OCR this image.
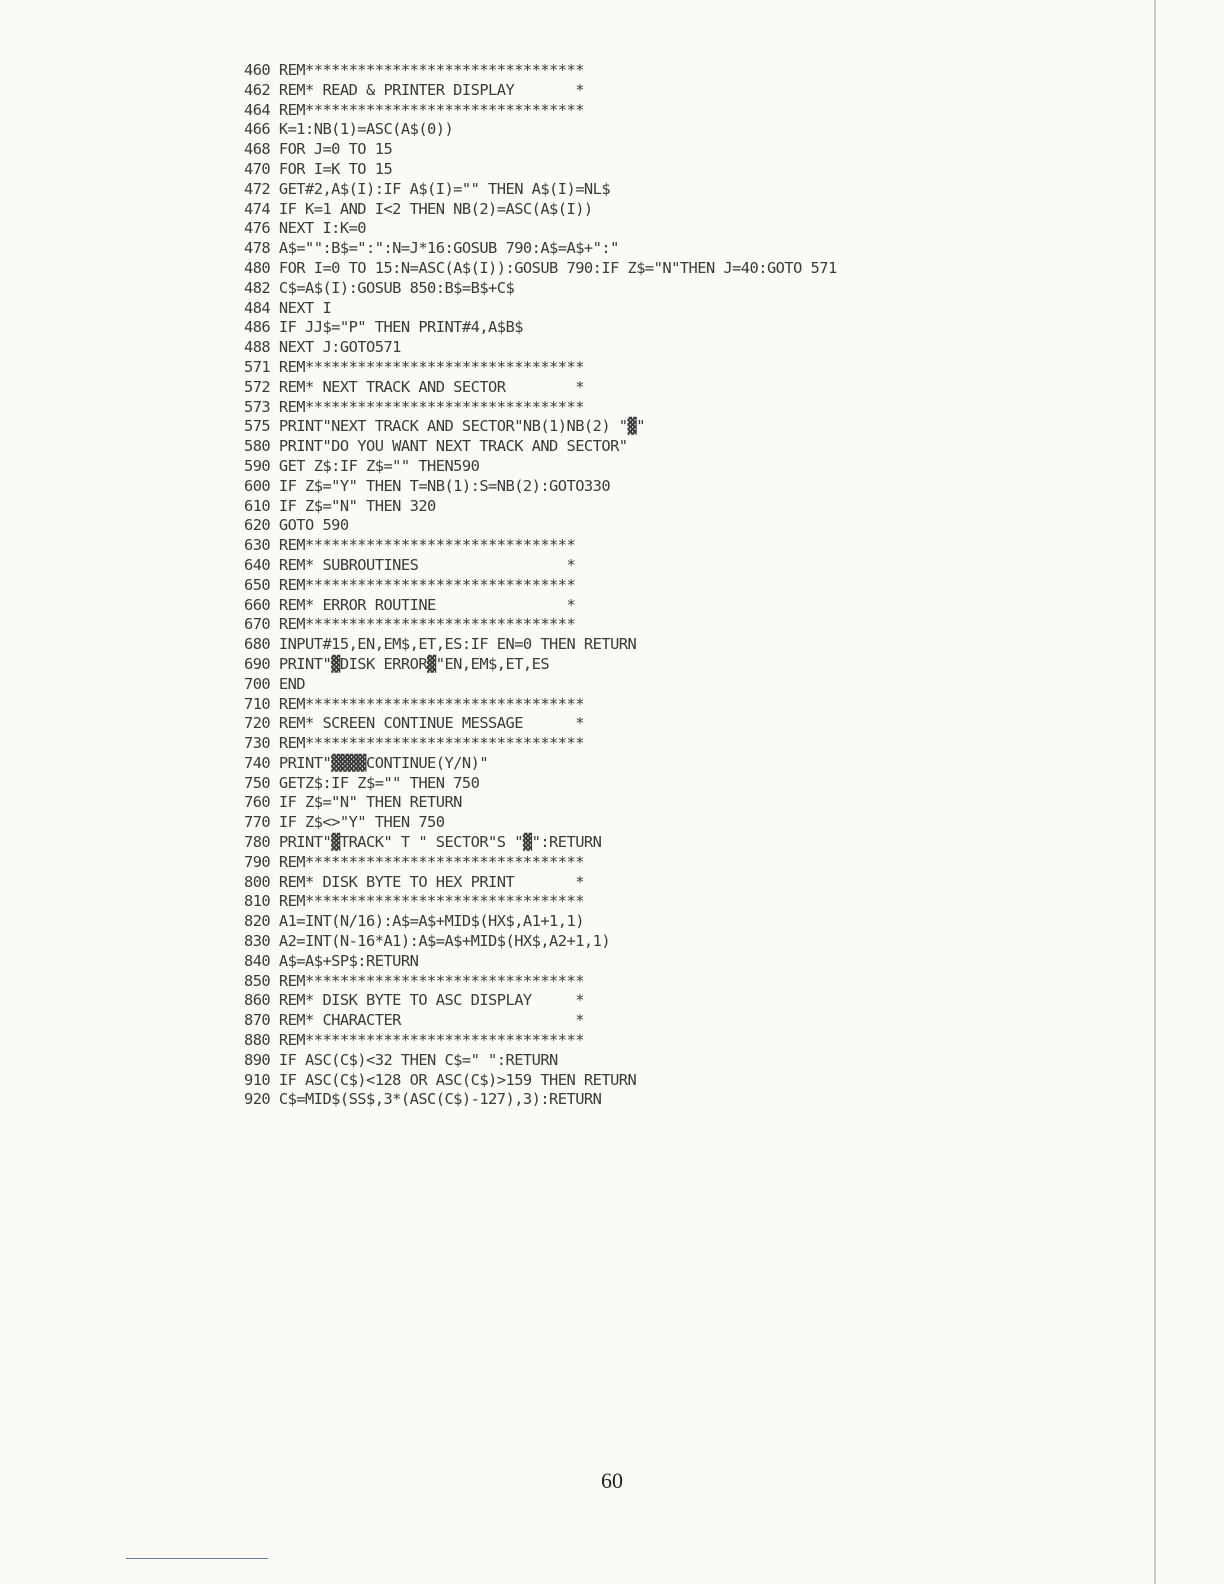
460 REM********************************
462 REM* READ & PRINTER DISPLAY       *
464 REM********************************
466 K=1:NB(1)=ASC(A$(0))
468 FOR J=0 TO 15
470 FOR I=K TO 15
472 GET#2,A$(I):IF A$(I)="" THEN A$(I)=NL$
474 IF K=1 AND I<2 THEN NB(2)=ASC(A$(I))
476 NEXT I:K=0
478 A$="":B$=":":N=J*16:GOSUB 790:A$=A$+":"
480 FOR I=0 TO 15:N=ASC(A$(I)):GOSUB 790:IF Z$="N"THEN J=40:GOTO 571
482 C$=A$(I):GOSUB 850:B$=B$+C$
484 NEXT I
486 IF JJ$="P" THEN PRINT#4,A$B$
488 NEXT J:GOTO571
571 REM********************************
572 REM* NEXT TRACK AND SECTOR        *
573 REM********************************
575 PRINT"NEXT TRACK AND SECTOR"NB(1)NB(2) "▓"
580 PRINT"DO YOU WANT NEXT TRACK AND SECTOR"
590 GET Z$:IF Z$="" THEN590
600 IF Z$="Y" THEN T=NB(1):S=NB(2):GOTO330
610 IF Z$="N" THEN 320
620 GOTO 590
630 REM*******************************
640 REM* SUBROUTINES                 *
650 REM*******************************
660 REM* ERROR ROUTINE               *
670 REM*******************************
680 INPUT#15,EN,EM$,ET,ES:IF EN=0 THEN RETURN
690 PRINT"▓DISK ERROR▓"EN,EM$,ET,ES
700 END
710 REM********************************
720 REM* SCREEN CONTINUE MESSAGE      *
730 REM********************************
740 PRINT"▓▓▓▓CONTINUE(Y/N)"
750 GETZ$:IF Z$="" THEN 750
760 IF Z$="N" THEN RETURN
770 IF Z$<>"Y" THEN 750
780 PRINT"▓TRACK" T " SECTOR"S "▓":RETURN
790 REM********************************
800 REM* DISK BYTE TO HEX PRINT       *
810 REM********************************
820 A1=INT(N/16):A$=A$+MID$(HX$,A1+1,1)
830 A2=INT(N-16*A1):A$=A$+MID$(HX$,A2+1,1)
840 A$=A$+SP$:RETURN
850 REM********************************
860 REM* DISK BYTE TO ASC DISPLAY     *
870 REM* CHARACTER                    *
880 REM********************************
890 IF ASC(C$)<32 THEN C$=" ":RETURN
910 IF ASC(C$)<128 OR ASC(C$)>159 THEN RETURN
920 C$=MID$(SS$,3*(ASC(C$)-127),3):RETURN
60
